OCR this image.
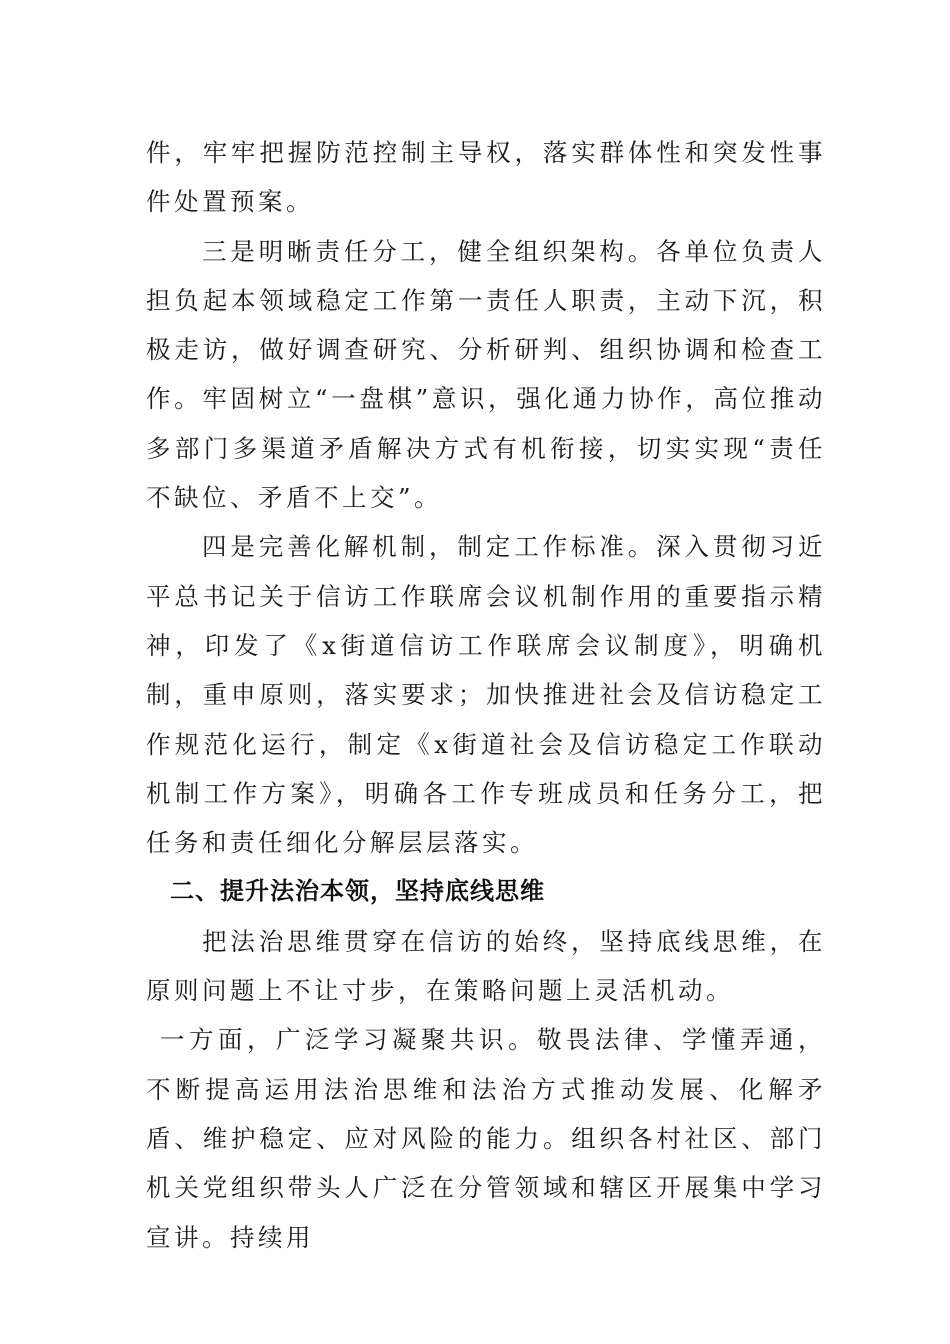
件，牢牢把握防范控制主导权，落实群体性和突发性事件处置预案。

三是明晰责任分工，健全组织架构。各单位负责人担负起本领域稳定工作第一责任人职责，主动下沉，积极走访，做好调查研究、分析研判、组织协调和检查工作。牢固树立“一盘棋”意识，强化通力协作，高位推动多部门多渠道矛盾解决方式有机衔接，切实实现“责任不缺位、矛盾不上交”。

四是完善化解机制，制定工作标准。深入贯彻习近平总书记关于信访工作联席会议机制作用的重要指示精神，印发了《x街道信访工作联席会议制度》，明确机制，重申原则，落实要求；加快推进社会及信访稳定工作规范化运行，制定《x街道社会及信访稳定工作联动机制工作方案》，明确各工作专班成员和任务分工，把任务和责任细化分解层层落实。

二、提升法治本领，坚持底线思维

把法治思维贯穿在信访的始终，坚持底线思维，在原则问题上不让寸步，在策略问题上灵活机动。

一方面，广泛学习凝聚共识。敬畏法律、学懂弄通，不断提高运用法治思维和法治方式推动发展、化解矛盾、维护稳定、应对风险的能力。组织各村社区、部门机关党组织带头人广泛在分管领域和辖区开展集中学习宣讲。持续用
